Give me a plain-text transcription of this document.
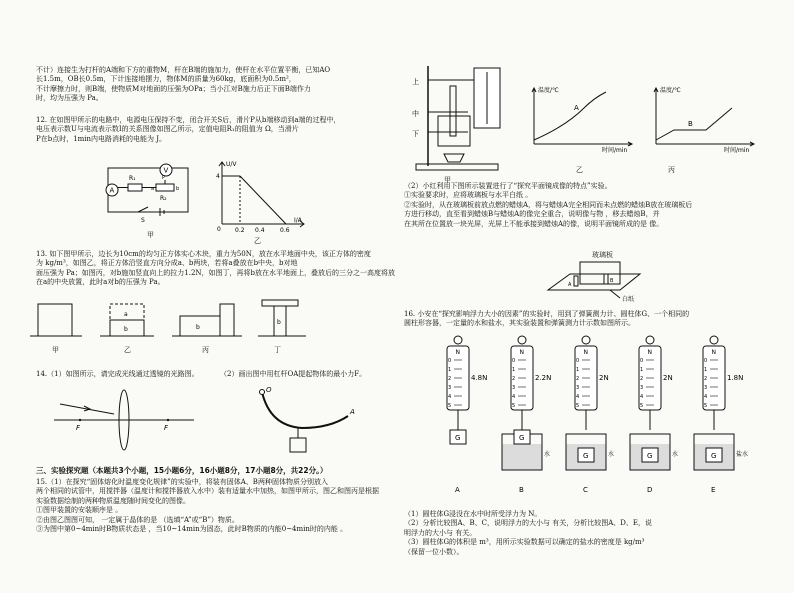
不计）连接生为打杆的A端和下方的重物M，杆在B端的施加力，使杆在水平位置平衡，已知AO
长1.5m，OB长0.5m，下计连接地摆力，物体M的质量为60kg，底面积为0.5m²，
不计摩擦力时，则B端，使物质M对地面的压强为OPa；当小江对B施力后正下面B端作力
时，均为压强为 Pa。
12. 在如图甲所示的电路中，电源电压保持不变，闭合开关S后，滑片P从b端移动到a端的过程中，
电压表示数U与电流表示数I的关系图像如图乙所示，定值电阻R₁的阻值为 Ω，当滑片
P在b点时，1min内电路消耗的电能为 J。
V
A
R₁
R₂
a	b
P
S
甲
U/V
4
0 0.2 0.4	0.6
I/A
乙
13. 如下图甲所示，边长为10cm的均匀正方体实心木块，重力为50N，放在水平地面中央，该正方体的密度
为 kg/m³，如图乙，将正方体沿竖直方向分成a、b两块，若将a叠放在b中央，b对地
面压强为 Pa；如图丙，对b施加竖直向上的拉力1.2N，如图丁，再将b放在水平地面上，叠放后的三分之一高度将放
在a的中央放置，此时a对b的压强为 Pa。
a
b	b
b
甲	乙	丙	丁
14.（1）如图所示，请完成光线通过透镜的光路图。	（2）画出图中用杠杆OA提起物体的最小力F。
F	F
O
A
三、实验探究题（本题共3个小题，15小题6分，16小题8分，17小题8分，共22分。）
15.（1）在探究“固体熔化时温度变化规律”的实验中，将装有固体A、B两种固体物质分别放入
两个相同的试管中，用搅拌器（温度计和搅拌器放入水中）装有适量水中加热，如图甲所示，图乙和图丙是根据
实验数据绘制的两种物质温度随时间变化的图像。
①图甲装置的安装顺序是 。
②由图乙图图可知， 一定属于晶体的是 （选填“A”或“B”）物质。
③为图中第0~4min时B物质状态是 ，当10~14min为固态，此时B物质的内能0~4min时的内能 。
上
中
下
甲
温度/℃
时间/min
A
乙
温度/℃
时间/min
B
丙
（2）小红利用下图所示装置进行了“探究平面镜成像的特点”实验。
①实验要求时，应将玻璃板与水平白纸 。
②实验时，从在玻璃板前放点燃的蜡烛A，将与蜡烛A完全相同而未点燃的蜡烛B放在玻璃板后
方进行移动，直至看到蜡烛B与蜡烛A的像完全重合，说明像与物 ，移去蜡烛B，并
在其所在位置放一块光屏，光屏上不能承接到蜡烛A的像，说明平面镜所成的是 像。
A
B
白纸
玻璃板
16. 小安在“探究影响浮力大小的因素”的实验时，用到了弹簧测力计、圆柱体G、一个相同的
圆柱形容器，一定量的水和盐水，其实验装置和弹簧测力计示数如图所示。
N
0
1
2
3
4
5
4.8N
G
A
N
0
1
2
3
4
5
2.2N
G
水
B
N
0
1
2
3
4
5
2N
G	水
C
N
0
1
2
3
4
5
2N
G	水
D
N
0
1
2
3
4
5
1.8N
G	盐水
E
（1）圆柱体G浸没在水中时所受浮力为 N。
（2）分析比较图A、B、C，说明浮力的大小与 有关，分析比较图A、D、E，说
明浮力的大小与 有关。
（3）圆柱体G的体积是 m³，用所示实验数据可以确定的盐水的密度是 kg/m³
（保留一位小数）。
